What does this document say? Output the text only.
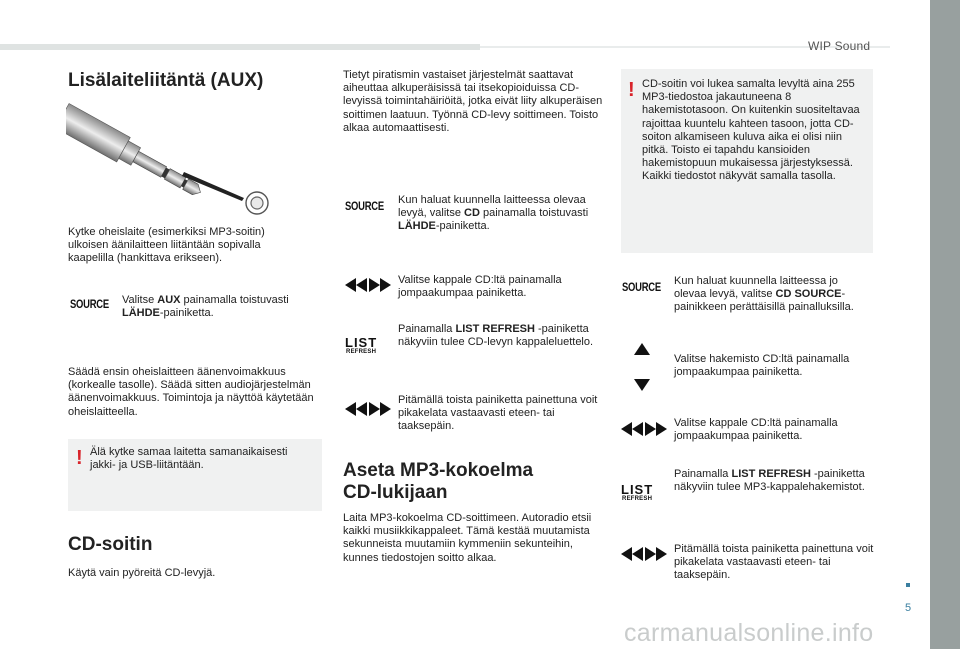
WIP Sound
5
Lisälaiteliitäntä (AUX)
Kytke oheislaite (esimerkiksi MP3-soitin) ulkoisen äänilaitteen liitäntään sopivalla kaapelilla (hankittava erikseen).
SOURCE Valitse AUX painamalla toistuvasti LÄHDE-painiketta.
Säädä ensin oheislaitteen äänenvoimakkuus (korkealle tasolle). Säädä sitten audiojärjestelmän äänenvoimakkuus. Toimintoja ja näyttöä käytetään oheislaitteella.
! Älä kytke samaa laitetta samanaikaisesti jakki- ja USB-liitäntään.
CD-soitin
Käytä vain pyöreitä CD-levyjä.
Tietyt piratismin vastaiset järjestelmät saattavat aiheuttaa alkuperäisissä tai itsekopioiduissa CD-levyissä toimintahäiriöitä, jotka eivät liity alkuperäisen soittimen laatuun. Työnnä CD-levy soittimeen. Toisto alkaa automaattisesti.
SOURCE
Kun haluat kuunnella laitteessa olevaa levyä, valitse CD painamalla toistuvasti LÄHDE-painiketta.
Valitse kappale CD:ltä painamalla jompaakumpaa painiketta.
LIST
REFRESH
Painamalla LIST REFRESH -painiketta näkyviin tulee CD-levyn kappaleluettelo.
Pitämällä toista painiketta painettuna voit pikakelata vastaavasti eteen- tai taaksepäin.
Aseta MP3-kokoelma
CD-lukijaan
Laita MP3-kokoelma CD-soittimeen. Autoradio etsii kaikki musiikkikappaleet. Tämä kestää muutamista sekunneista muutamiin kymmeniin sekunteihin, kunnes tiedostojen soitto alkaa.
! CD-soitin voi lukea samalta levyltä aina 255 MP3-tiedostoa jakautuneena 8 hakemistotasoon. On kuitenkin suositeltavaa rajoittaa kuuntelu kahteen tasoon, jotta CD-soiton alkamiseen kuluva aika ei olisi niin pitkä. Toisto ei tapahdu kansioiden hakemistopuun mukaisessa järjestyksessä. Kaikki tiedostot näkyvät samalla tasolla.
SOURCE
Kun haluat kuunnella laitteessa jo olevaa levyä, valitse CD SOURCE-painikkeen perättäisillä painalluksilla.
Valitse hakemisto CD:ltä painamalla jompaakumpaa painiketta.
Valitse kappale CD:ltä painamalla jompaakumpaa painiketta.
LIST
REFRESH
Painamalla LIST REFRESH -painiketta näkyviin tulee MP3-kappalehakemistot.
Pitämällä toista painiketta painettuna voit pikakelata vastaavasti eteen- tai taaksepäin.
carmanualsonline.info
